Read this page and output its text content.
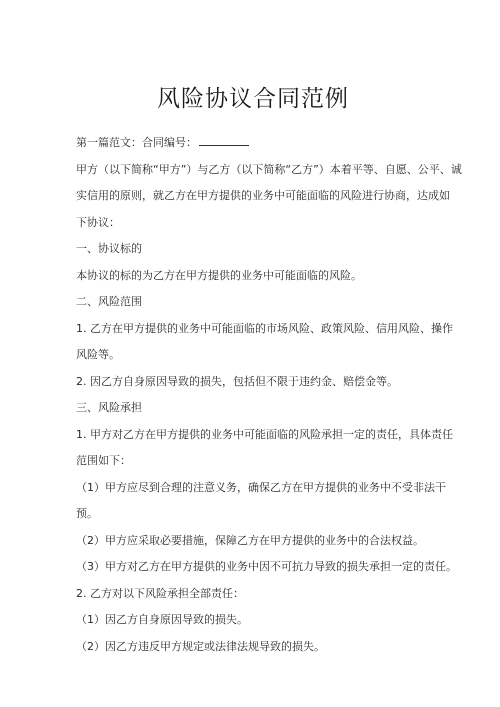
风险协议合同范例

第一篇范文：合同编号：

甲方（以下简称“甲方”）与乙方（以下简称“乙方”）本着平等、自愿、公平、诚

实信用的原则，就乙方在甲方提供的业务中可能面临的风险进行协商，达成如

下协议：

一、协议标的

本协议的标的为乙方在甲方提供的业务中可能面临的风险。

二、风险范围

1. 乙方在甲方提供的业务中可能面临的市场风险、政策风险、信用风险、操作

风险等。

2. 因乙方自身原因导致的损失，包括但不限于违约金、赔偿金等。

三、风险承担

1. 甲方对乙方在甲方提供的业务中可能面临的风险承担一定的责任，具体责任

范围如下：

（1）甲方应尽到合理的注意义务，确保乙方在甲方提供的业务中不受非法干

预。

（2）甲方应采取必要措施，保障乙方在甲方提供的业务中的合法权益。

（3）甲方对乙方在甲方提供的业务中因不可抗力导致的损失承担一定的责任。

2. 乙方对以下风险承担全部责任：

（1）因乙方自身原因导致的损失。

（2）因乙方违反甲方规定或法律法规导致的损失。
